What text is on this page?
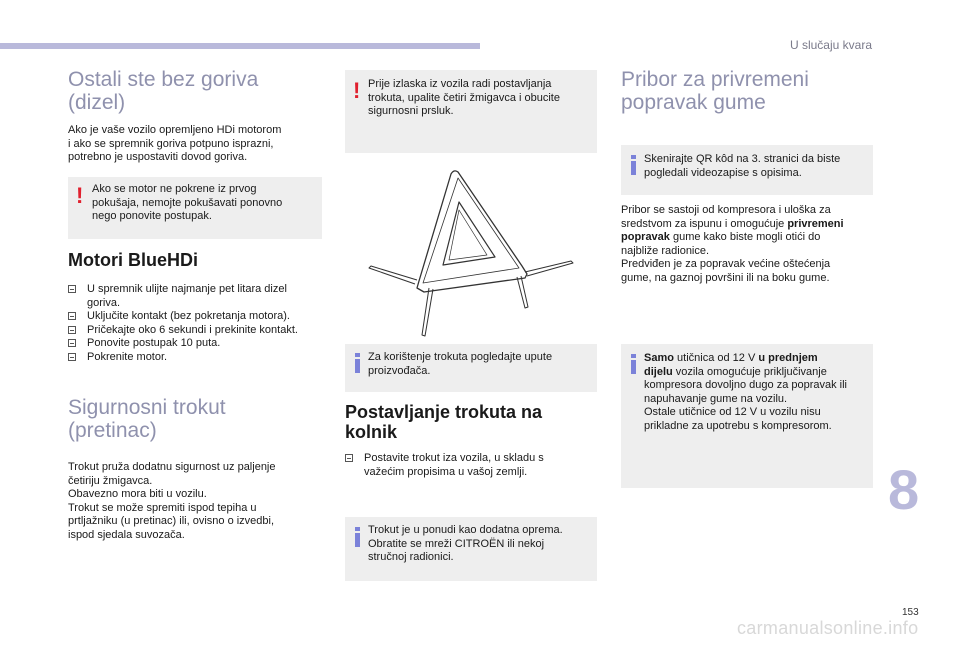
U slučaju kvara
Ostali ste bez goriva
(dizel)
Ako je vaše vozilo opremljeno HDi motorom
i ako se spremnik goriva potpuno isprazni,
potrebno je uspostaviti dovod goriva.
! Ako se motor ne pokrene iz prvog
pokušaja, nemojte pokušavati ponovno
nego ponovite postupak.
Motori BlueHDi
U spremnik ulijte najmanje pet litara dizel
goriva.
Uključite kontakt (bez pokretanja motora).
Pričekajte oko 6 sekundi i prekinite kontakt.
Ponovite postupak 10 puta.
Pokrenite motor.
Sigurnosni trokut
(pretinac)
Trokut pruža dodatnu sigurnost uz paljenje
četiriju žmigavca.
Obavezno mora biti u vozilu.
Trokut se može spremiti ispod tepiha u
prtljažniku (u pretinac) ili, ovisno o izvedbi,
ispod sjedala suvozača.
! Prije izlaska iz vozila radi postavljanja
trokuta, upalite četiri žmigavca i obucite
sigurnosni prsluk.
Za korištenje trokuta pogledajte upute
proizvođača.
Postavljanje trokuta na
kolnik
Postavite trokut iza vozila, u skladu s
važećim propisima u vašoj zemlji.
Trokut je u ponudi kao dodatna oprema.
Obratite se mreži CITROËN ili nekoj
stručnoj radionici.
Pribor za privremeni
popravak gume
Skenirajte QR kôd na 3. stranici da biste
pogledali videozapise s opisima.
Pribor se sastoji od kompresora i uloška za
sredstvom za ispunu i omogućuje privremeni
popravak gume kako biste mogli otići do
najbliže radionice.
Predviđen je za popravak većine oštećenja
gume, na gaznoj površini ili na boku gume.
Samo utičnica od 12 V u prednjem
dijelu vozila omogućuje priključivanje
kompresora dovoljno dugo za popravak ili
napuhavanje gume na vozilu.
Ostale utičnice od 12 V u vozilu nisu
prikladne za upotrebu s kompresorom.
8
153
carmanualsonline.info
